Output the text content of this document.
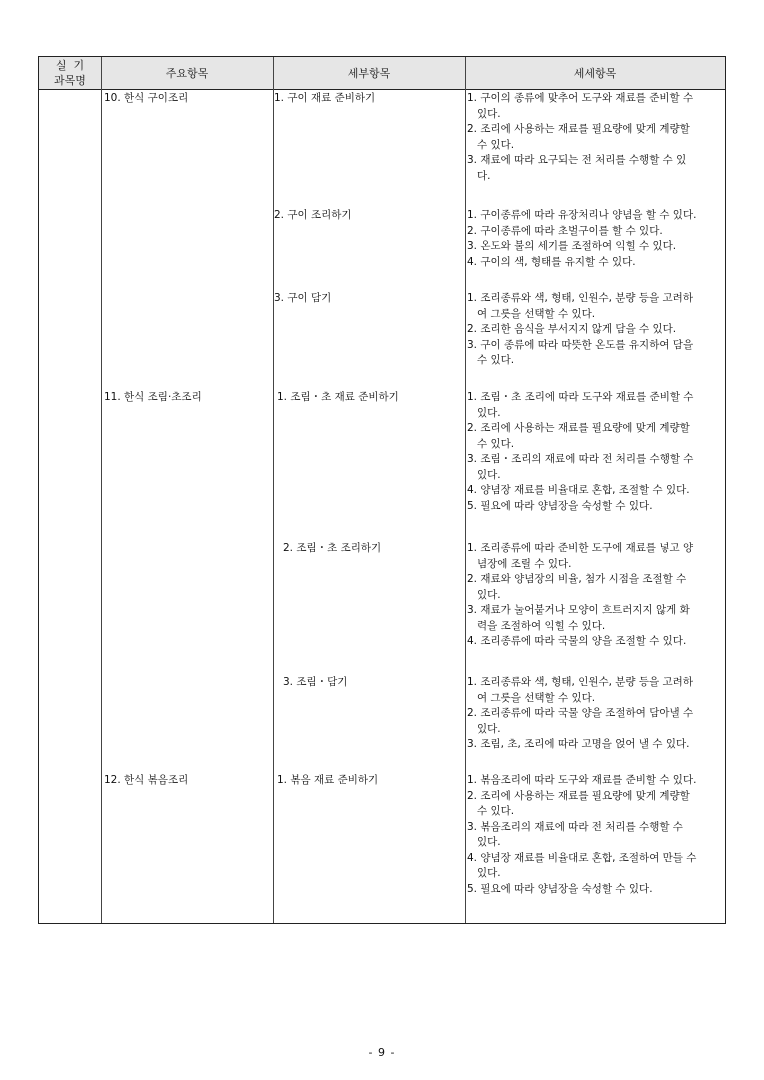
실  기
과목명
주요항목	세부항목	세세항목
10. 한식 구이조리
11. 한식 조림·초조리
12. 한식 볶음조리
1. 구이 재료 준비하기
2. 구이 조리하기
3. 구이 담기
1. 조림・초 재료 준비하기
2. 조림・초 조리하기
3. 조림・담기
1. 볶음 재료 준비하기
1. 구이의 종류에 맞추어 도구와 재료를 준비할 수
있다.
2. 조리에 사용하는 재료를 필요량에 맞게 계량할
수 있다.
3. 재료에 따라 요구되는 전 처리를 수행할 수 있
다.
1. 구이종류에 따라 유장처리나 양념을 할 수 있다.
2. 구이종류에 따라 초벌구이를 할 수 있다.
3. 온도와 불의 세기를 조절하여 익힐 수 있다.
4. 구이의 색, 형태를 유지할 수 있다.
1. 조리종류와 색, 형태, 인원수, 분량 등을 고려하
여 그릇을 선택할 수 있다.
2. 조리한 음식을 부서지지 않게 담을 수 있다.
3. 구이 종류에 따라 따뜻한 온도를 유지하여 담을
수 있다.
1. 조림・초 조리에 따라 도구와 재료를 준비할 수
있다.
2. 조리에 사용하는 재료를 필요량에 맞게 계량할
수 있다.
3. 조림・조리의 재료에 따라 전 처리를 수행할 수
있다.
4. 양념장 재료를 비율대로 혼합, 조절할 수 있다.
5. 필요에 따라 양념장을 숙성할 수 있다.
1. 조리종류에 따라 준비한 도구에 재료를 넣고 양
념장에 조릴 수 있다.
2. 재료와 양념장의 비율, 첨가 시점을 조절할 수
있다.
3. 재료가 눌어붙거나 모양이 흐트러지지 않게 화
력을 조절하여 익힐 수 있다.
4. 조리종류에 따라 국물의 양을 조절할 수 있다.
1. 조리종류와 색, 형태, 인원수, 분량 등을 고려하
여 그릇을 선택할 수 있다.
2. 조리종류에 따라 국물 양을 조절하여 담아낼 수
있다.
3. 조림, 초, 조리에 따라 고명을 얹어 낼 수 있다.
1. 볶음조리에 따라 도구와 재료를 준비할 수 있다.
2. 조리에 사용하는 재료를 필요량에 맞게 계량할
수 있다.
3. 볶음조리의 재료에 따라 전 처리를 수행할 수
있다.
4. 양념장 재료를 비율대로 혼합, 조절하여 만들 수
있다.
5. 필요에 따라 양념장을 숙성할 수 있다.
- 9 -
